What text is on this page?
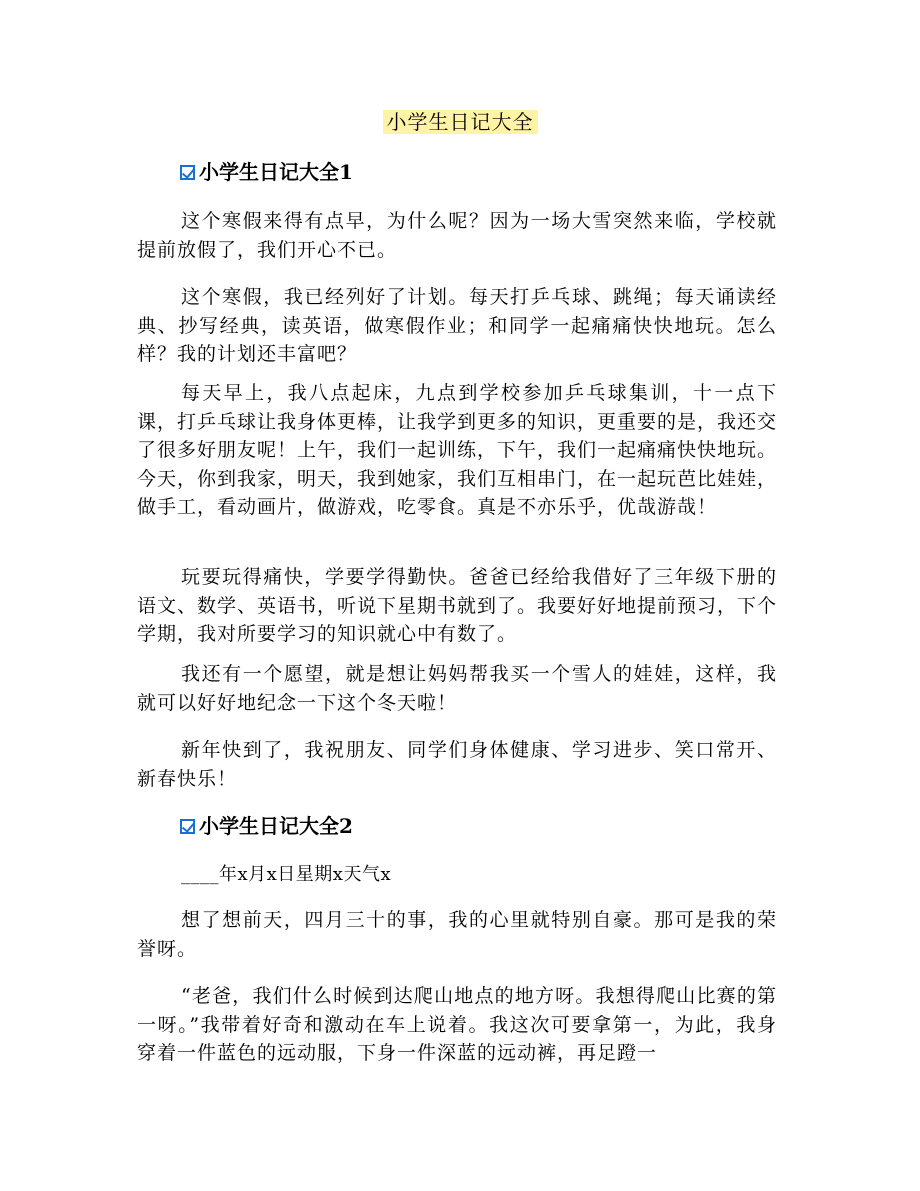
小学生日记大全
小学生日记大全1

这个寒假来得有点早，为什么呢？因为一场大雪突然来临，学校就提前放假了，我们开心不已。

这个寒假，我已经列好了计划。每天打乒乓球、跳绳；每天诵读经典、抄写经典，读英语，做寒假作业；和同学一起痛痛快快地玩。怎么样？我的计划还丰富吧？

每天早上，我八点起床，九点到学校参加乒乓球集训，十一点下课，打乒乓球让我身体更棒，让我学到更多的知识，更重要的是，我还交了很多好朋友呢！上午，我们一起训练，下午，我们一起痛痛快快地玩。今天，你到我家，明天，我到她家，我们互相串门，在一起玩芭比娃娃，做手工，看动画片，做游戏，吃零食。真是不亦乐乎，优哉游哉！

玩要玩得痛快，学要学得勤快。爸爸已经给我借好了三年级下册的语文、数学、英语书，听说下星期书就到了。我要好好地提前预习，下个学期，我对所要学习的知识就心中有数了。

我还有一个愿望，就是想让妈妈帮我买一个雪人的娃娃，这样，我就可以好好地纪念一下这个冬天啦！

新年快到了，我祝朋友、同学们身体健康、学习进步、笑口常开、新春快乐！

小学生日记大全2
____年x月x日星期x天气x

想了想前天，四月三十的事，我的心里就特别自豪。那可是我的荣誉呀。

“老爸，我们什么时候到达爬山地点的地方呀。我想得爬山比赛的第一呀。”我带着好奇和激动在车上说着。我这次可要拿第一，为此，我身穿着一件蓝色的远动服，下身一件深蓝的远动裤，再足蹬一
